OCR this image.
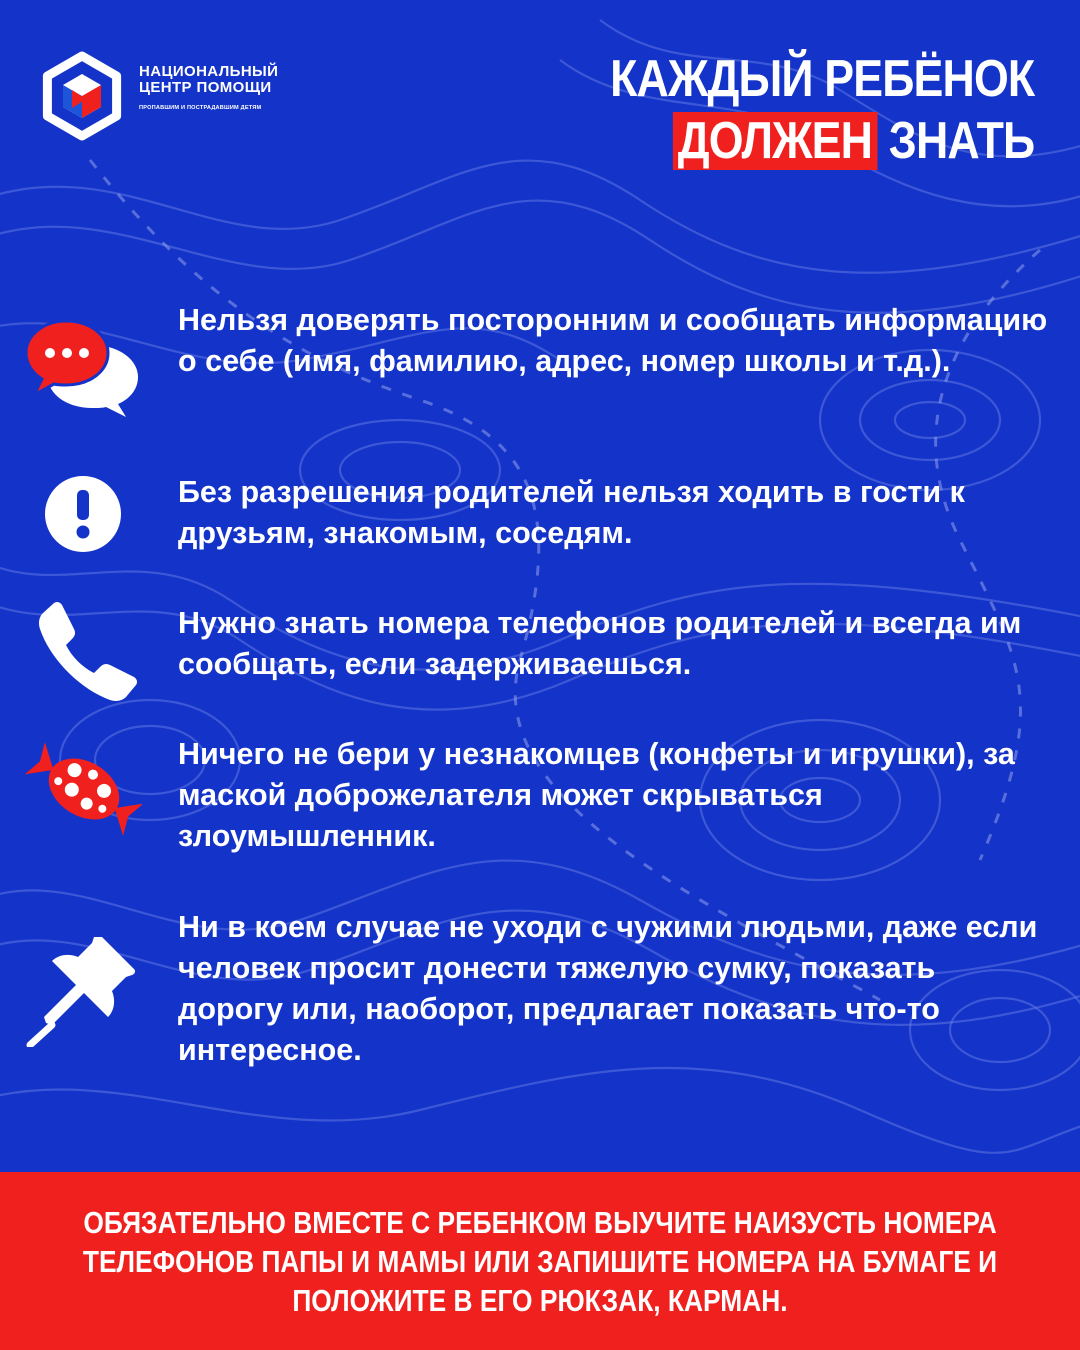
НАЦИОНАЛЬНЫЙ
ЦЕНТР ПОМОЩИ
ПРОПАВШИМ И ПОСТРАДАВШИМ ДЕТЯМ	КАЖДЫЙ РЕБЁНОК
ДОЛЖЕН ЗНАТЬ

Нельзя доверять посторонним и сообщать информацию о себе (имя, фамилию, адрес, номер школы и т.д.).

Без разрешения родителей нельзя ходить в гости к друзьям, знакомым, соседям.

Нужно знать номера телефонов родителей и всегда им сообщать, если задерживаешься.

Ничего не бери у незнакомцев (конфеты и игрушки), за маской доброжелателя может скрываться злоумышленник.

Ни в коем случае не уходи с чужими людьми, даже если человек просит донести тяжелую сумку, показать дорогу или, наоборот, предлагает показать что-то интересное.

ОБЯЗАТЕЛЬНО ВМЕСТЕ С РЕБЕНКОМ ВЫУЧИТЕ НАИЗУСТЬ НОМЕРА ТЕЛЕФОНОВ ПАПЫ И МАМЫ ИЛИ ЗАПИШИТЕ НОМЕРА НА БУМАГЕ И ПОЛОЖИТЕ В ЕГО РЮКЗАК, КАРМАН.
